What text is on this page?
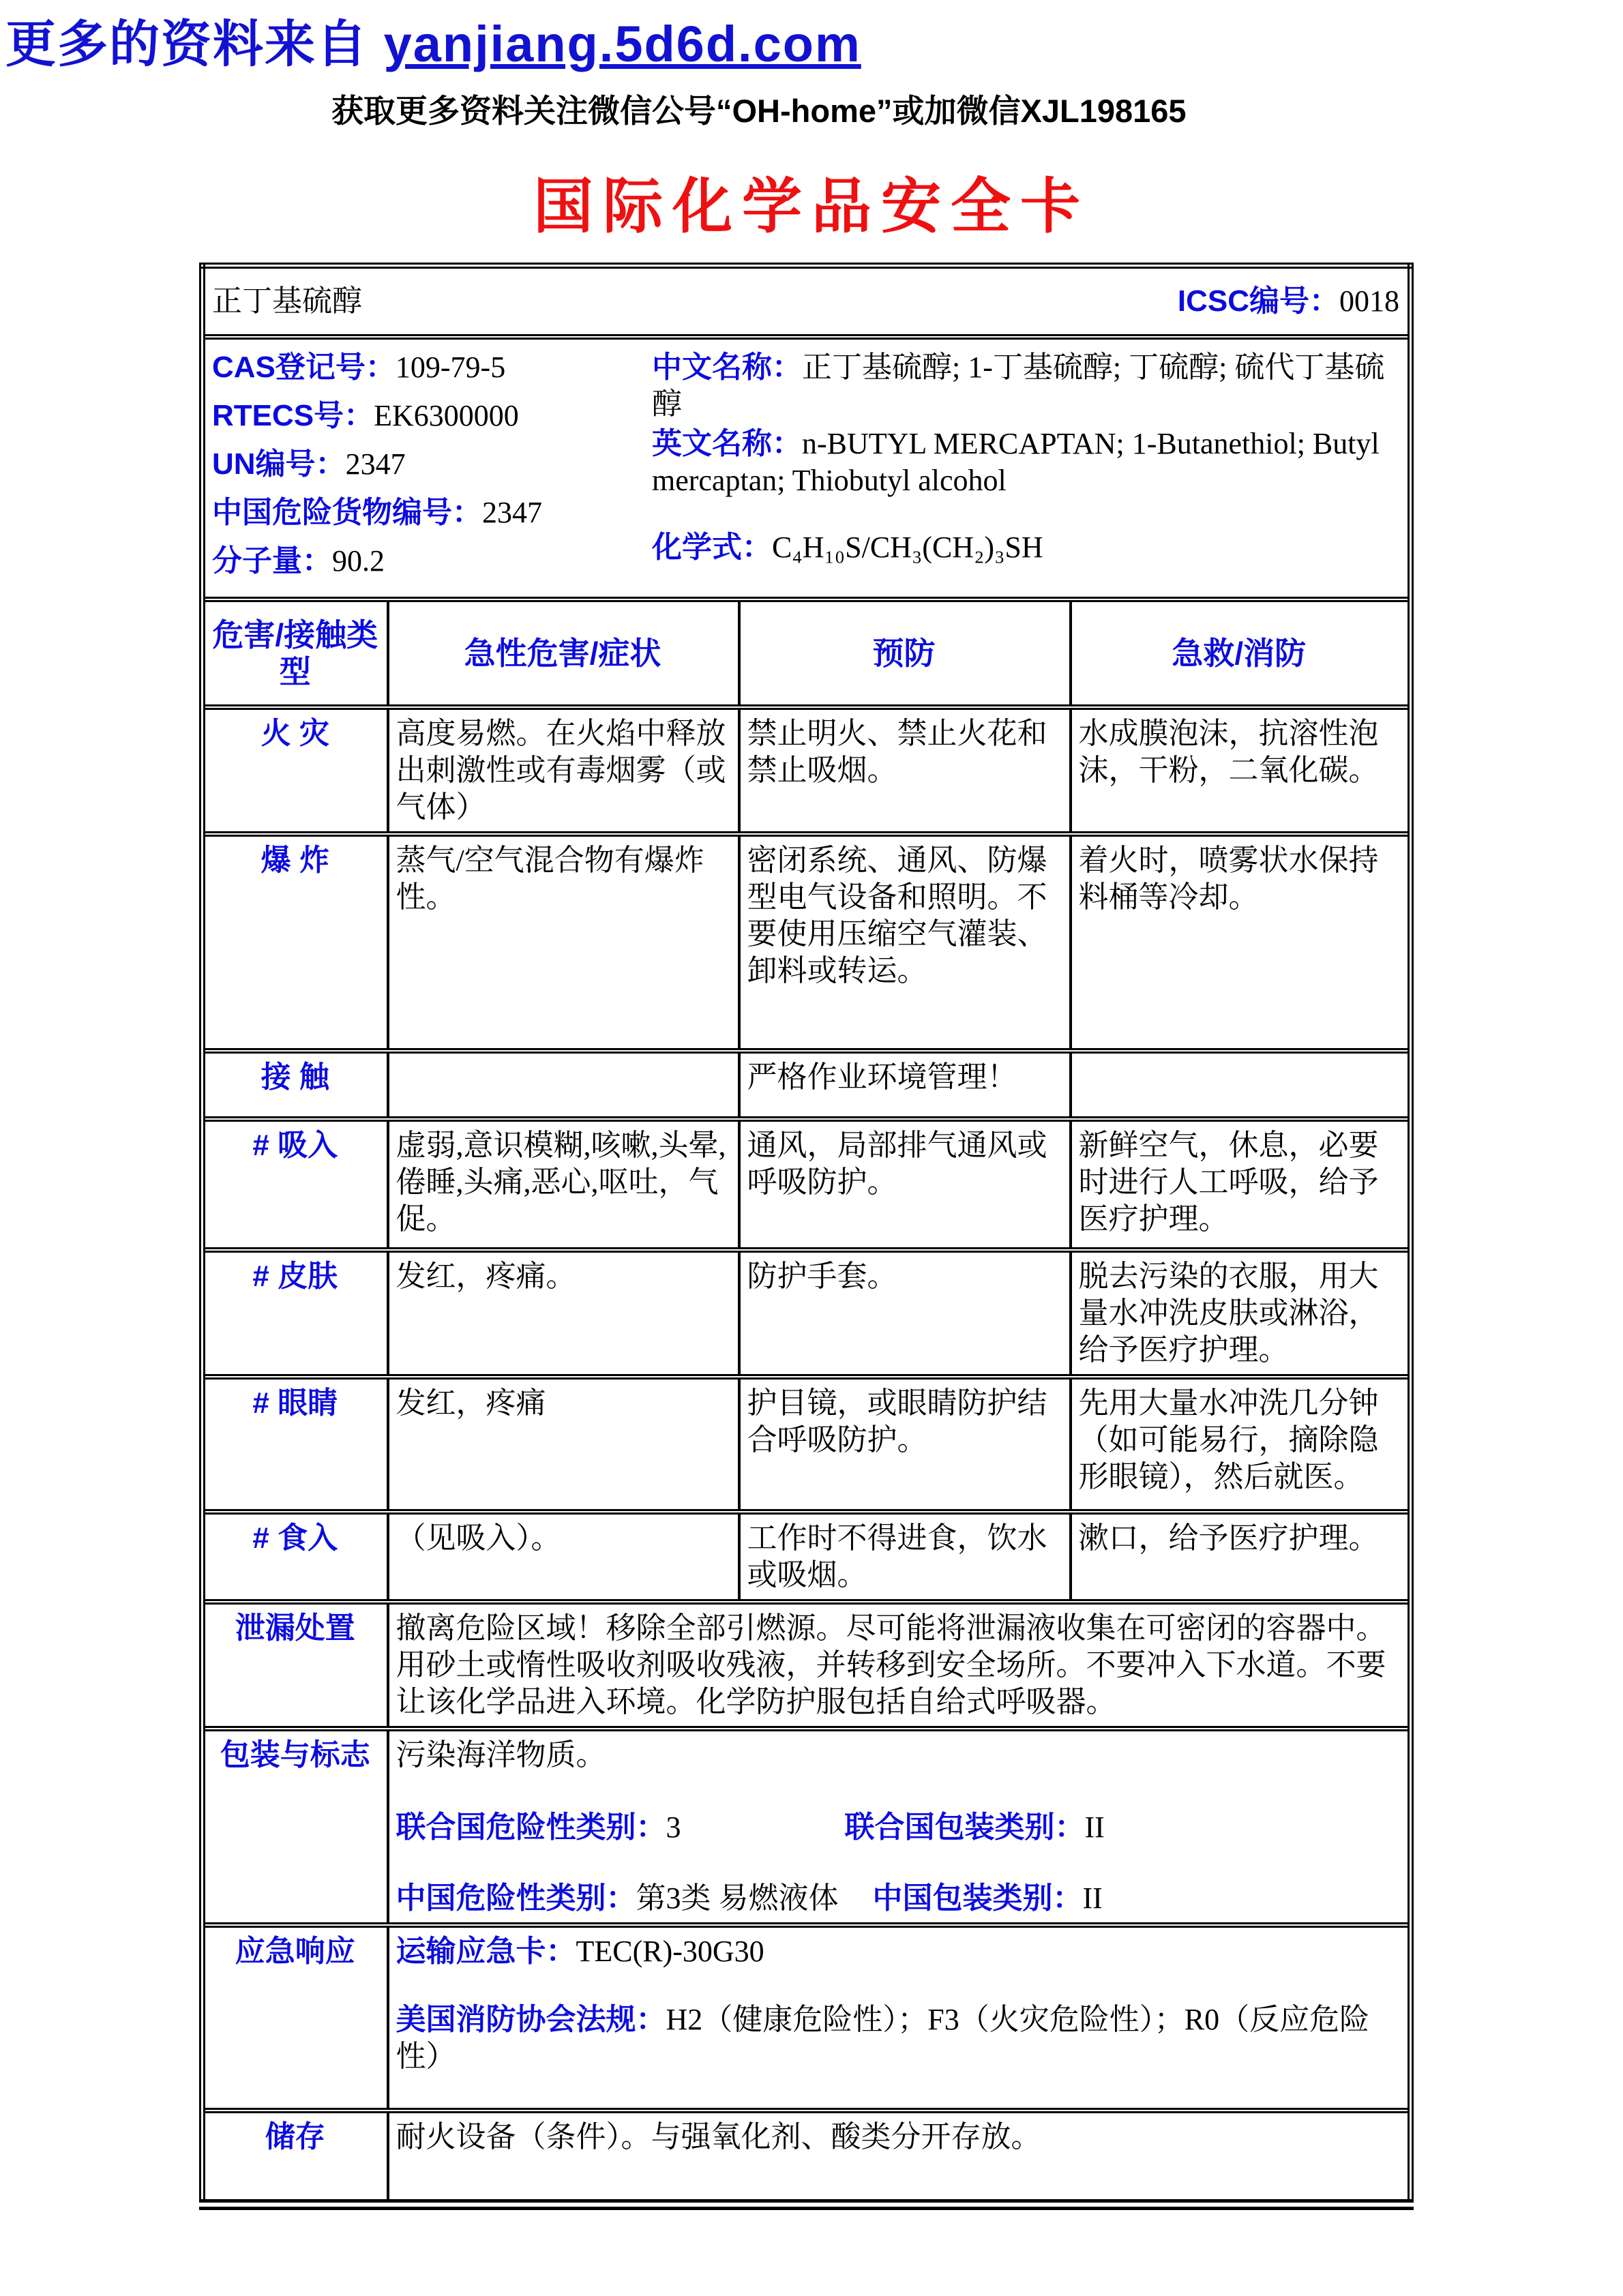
更多的资料来自 yanjiang.5d6d.com
获取更多资料关注微信公号“OH-home”或加微信XJL198165
国际化学品安全卡
正丁基硫醇 ICSC编号：0018			

CAS登记号：109-79-5
RTECS号：EK6300000
UN编号：2347
中国危险货物编号：2347
分子量：90.2
中文名称：正丁基硫醇; 1-丁基硫醇; 丁硫醇; 硫代丁基硫醇
英文名称：n-BUTYL MERCAPTAN; 1-Butanethiol; Butyl mercaptan; Thiobutyl alcohol
化学式：C₄H₁₀S/CH₃(CH₂)₃SH

危害/接触类型	急性危害/症状	预防	急救/消防
火 灾	高度易燃。在火焰中释放出刺激性或有毒烟雾（或气体）	禁止明火、禁止火花和禁止吸烟。	水成膜泡沫，抗溶性泡沫，干粉，二氧化碳。
爆 炸	蒸气/空气混合物有爆炸性。	密闭系统、通风、防爆型电气设备和照明。不要使用压缩空气灌装、卸料或转运。	着火时，喷雾状水保持料桶等冷却。
接 触		严格作业环境管理！	
# 吸入	虚弱,意识模糊,咳嗽,头晕,倦睡,头痛,恶心,呕吐，气促。	通风，局部排气通风或呼吸防护。	新鲜空气，休息，必要时进行人工呼吸，给予医疗护理。
# 皮肤	发红，疼痛。	防护手套。	脱去污染的衣服，用大量水冲洗皮肤或淋浴，给予医疗护理。
# 眼睛	发红，疼痛	护目镜，或眼睛防护结合呼吸防护。	先用大量水冲洗几分钟（如可能易行，摘除隐形眼镜），然后就医。
# 食入	（见吸入）。	工作时不得进食，饮水或吸烟。	漱口，给予医疗护理。
泄漏处置	撤离危险区域！移除全部引燃源。尽可能将泄漏液收集在可密闭的容器中。用砂土或惰性吸收剂吸收残液，并转移到安全场所。不要冲入下水道。不要让该化学品进入环境。化学防护服包括自给式呼吸器。		
包装与标志	污染海洋物质。
联合国危险性类别：3 联合国包装类别：II
中国危险性类别：第3类 易燃液体 中国包装类别：II		

应急响应	运输应急卡：TEC(R)-30G30
美国消防协会法规：H2（健康危险性）；F3（火灾危险性）；R0（反应危险性）		

储存	耐火设备（条件）。与强氧化剂、酸类分开存放。		
